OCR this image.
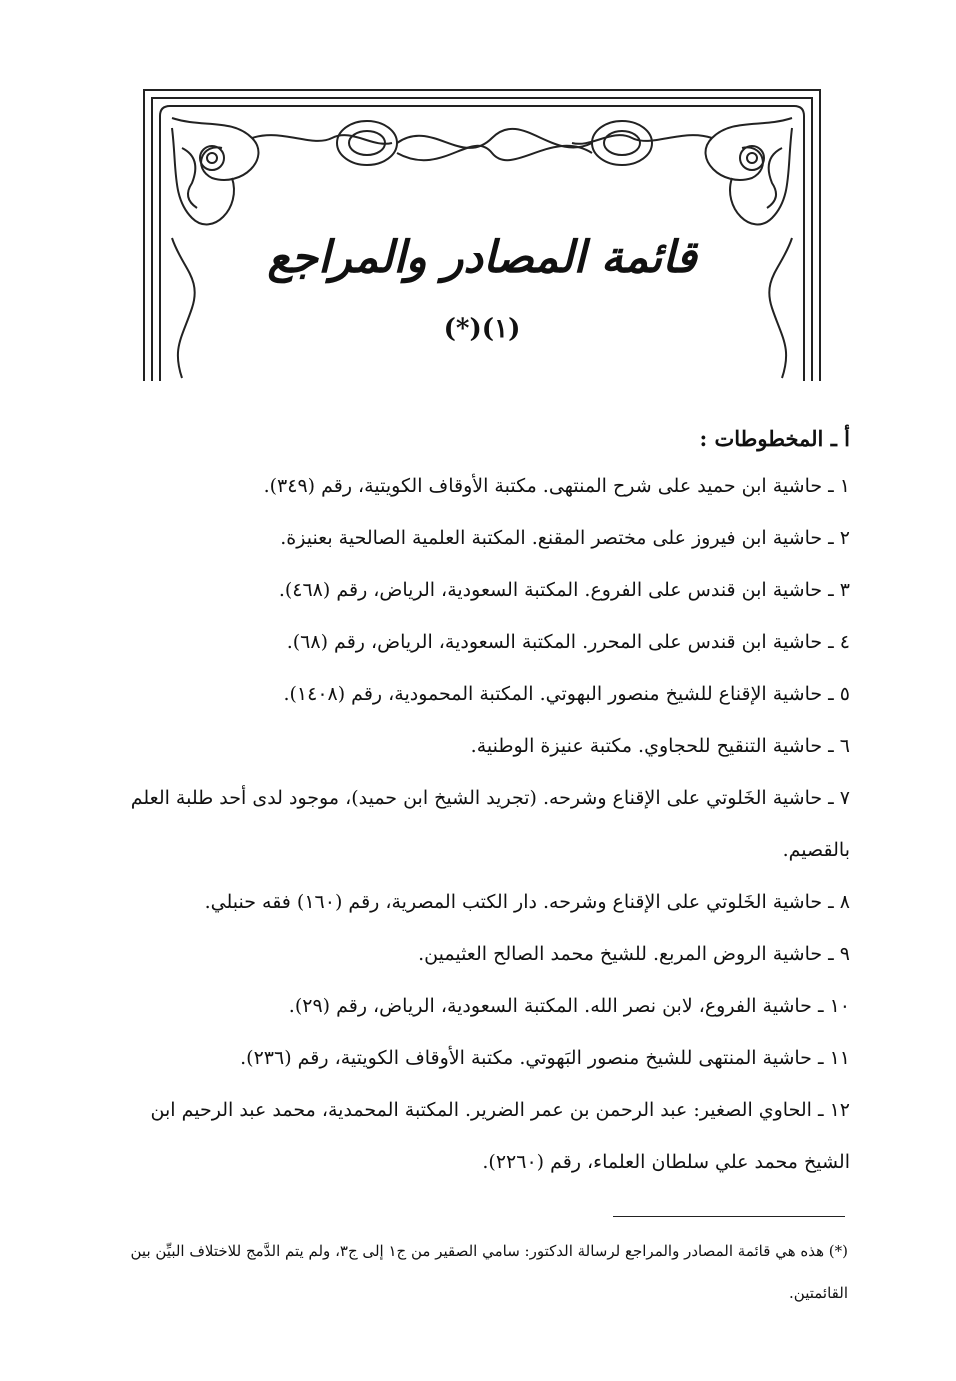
قائمة المصادر والمراجع
(١)(*)
أ ـ المخطوطات :
١ ـ حاشية ابن حميد على شرح المنتهى. مكتبة الأوقاف الكويتية، رقم (٣٤٩).
٢ ـ حاشية ابن فيروز على مختصر المقنع. المكتبة العلمية الصالحية بعنيزة.
٣ ـ حاشية ابن قندس على الفروع. المكتبة السعودية، الرياض، رقم (٤٦٨).
٤ ـ حاشية ابن قندس على المحرر. المكتبة السعودية، الرياض، رقم (٦٨).
٥ ـ حاشية الإقناع للشيخ منصور البهوتي. المكتبة المحمودية، رقم (١٤٠٨).
٦ ـ حاشية التنقيح للحجاوي. مكتبة عنيزة الوطنية.
٧ ـ حاشية الخَلوتي على الإقناع وشرحه. (تجريد الشيخ ابن حميد)، موجود لدى أحد طلبة العلم بالقصيم.
٨ ـ حاشية الخَلوتي على الإقناع وشرحه. دار الكتب المصرية، رقم (١٦٠) فقه حنبلي.
٩ ـ حاشية الروض المربع. للشيخ محمد الصالح العثيمين.
١٠ ـ حاشية الفروع، لابن نصر الله. المكتبة السعودية، الرياض، رقم (٢٩).
١١ ـ حاشية المنتهى للشيخ منصور البَهوتي. مكتبة الأوقاف الكويتية، رقم (٢٣٦).
١٢ ـ الحاوي الصغير: عبد الرحمن بن عمر الضرير. المكتبة المحمدية، محمد عبد الرحيم ابن الشيخ محمد علي سلطان العلماء، رقم (٢٢٦٠).
(*) هذه هي قائمة المصادر والمراجع لرسالة الدكتور: سامي الصقير من ج١ إلى ج٣، ولم يتم الدَّمج للاختلاف البيِّن بين القائمتين.
